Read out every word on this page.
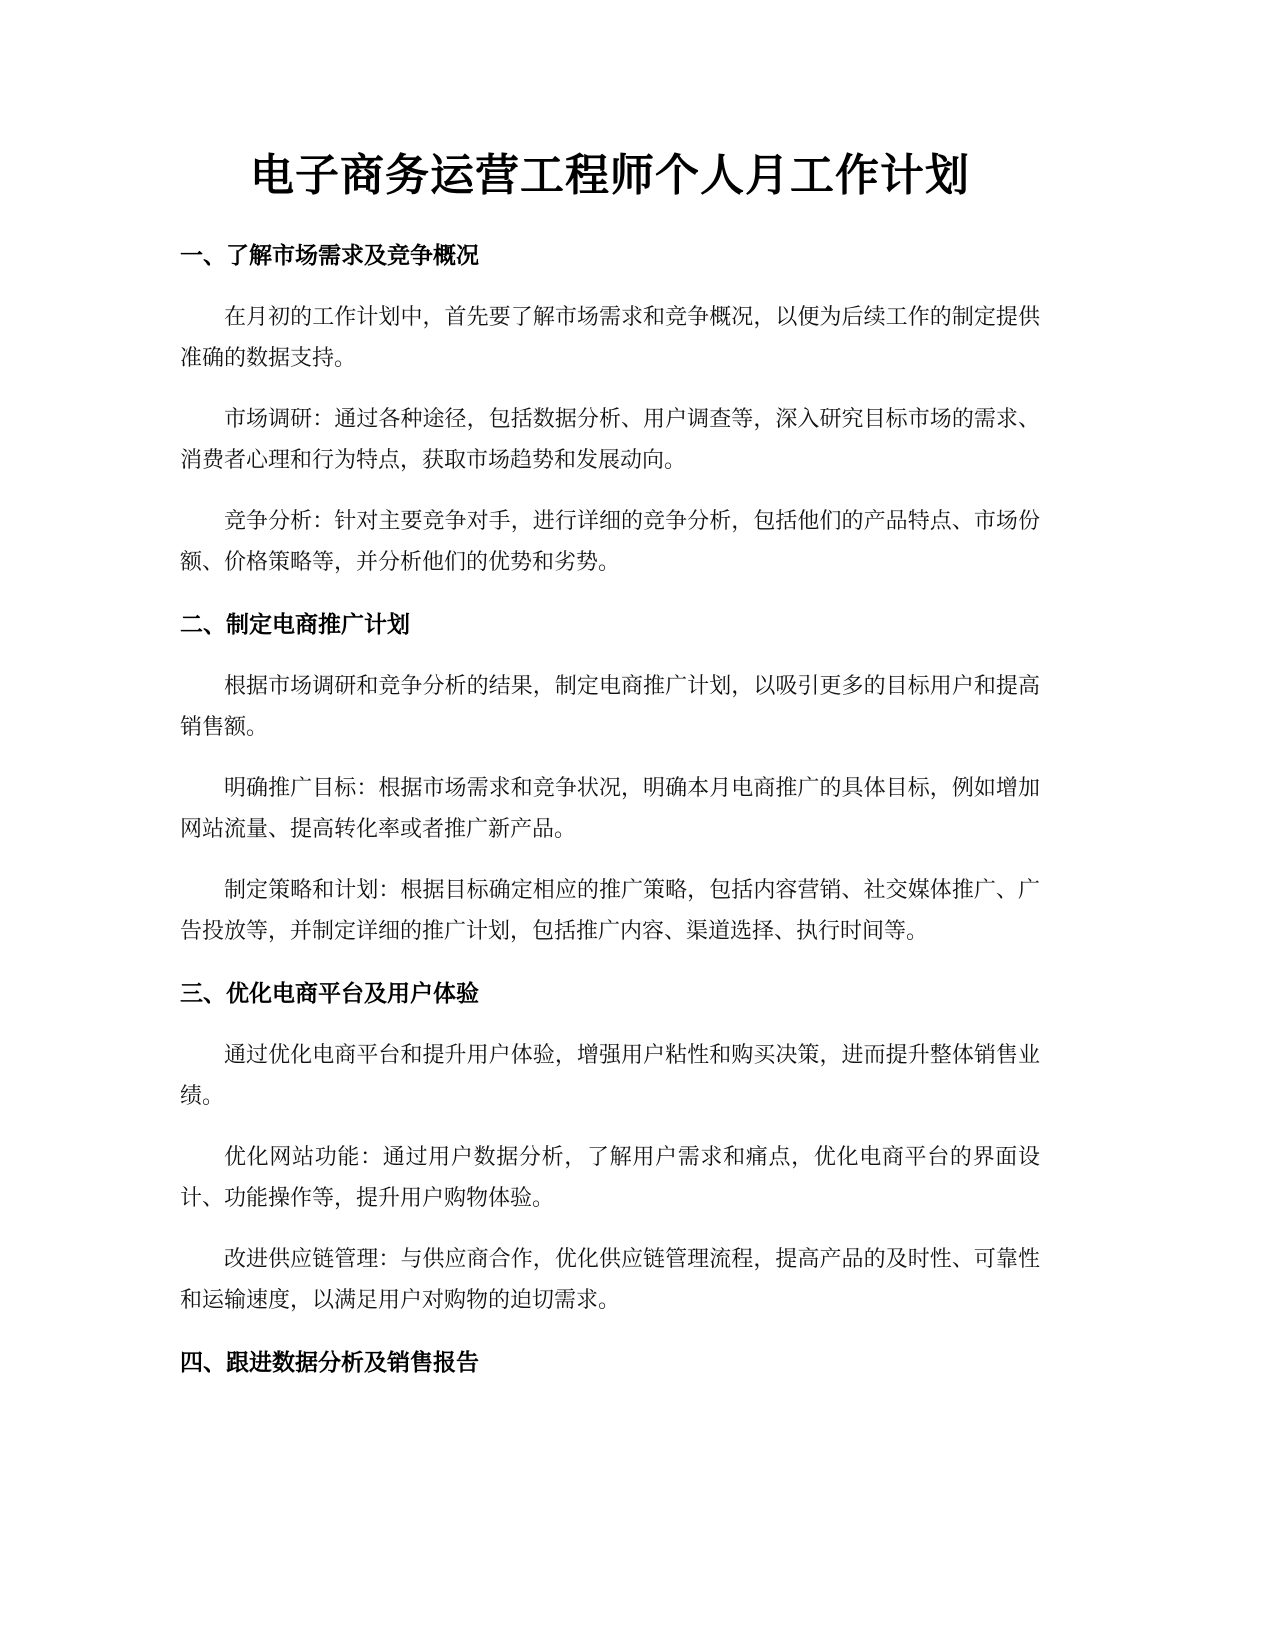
电子商务运营工程师个人月工作计划
一、了解市场需求及竞争概况

在月初的工作计划中，首先要了解市场需求和竞争概况，以便为后续工作的制定提供准确的数据支持。

市场调研：通过各种途径，包括数据分析、用户调查等，深入研究目标市场的需求、消费者心理和行为特点，获取市场趋势和发展动向。

竞争分析：针对主要竞争对手，进行详细的竞争分析，包括他们的产品特点、市场份额、价格策略等，并分析他们的优势和劣势。

二、制定电商推广计划

根据市场调研和竞争分析的结果，制定电商推广计划，以吸引更多的目标用户和提高销售额。

明确推广目标：根据市场需求和竞争状况，明确本月电商推广的具体目标，例如增加网站流量、提高转化率或者推广新产品。

制定策略和计划：根据目标确定相应的推广策略，包括内容营销、社交媒体推广、广告投放等，并制定详细的推广计划，包括推广内容、渠道选择、执行时间等。

三、优化电商平台及用户体验

通过优化电商平台和提升用户体验，增强用户粘性和购买决策，进而提升整体销售业绩。

优化网站功能：通过用户数据分析，了解用户需求和痛点，优化电商平台的界面设计、功能操作等，提升用户购物体验。

改进供应链管理：与供应商合作，优化供应链管理流程，提高产品的及时性、可靠性和运输速度，以满足用户对购物的迫切需求。

四、跟进数据分析及销售报告
